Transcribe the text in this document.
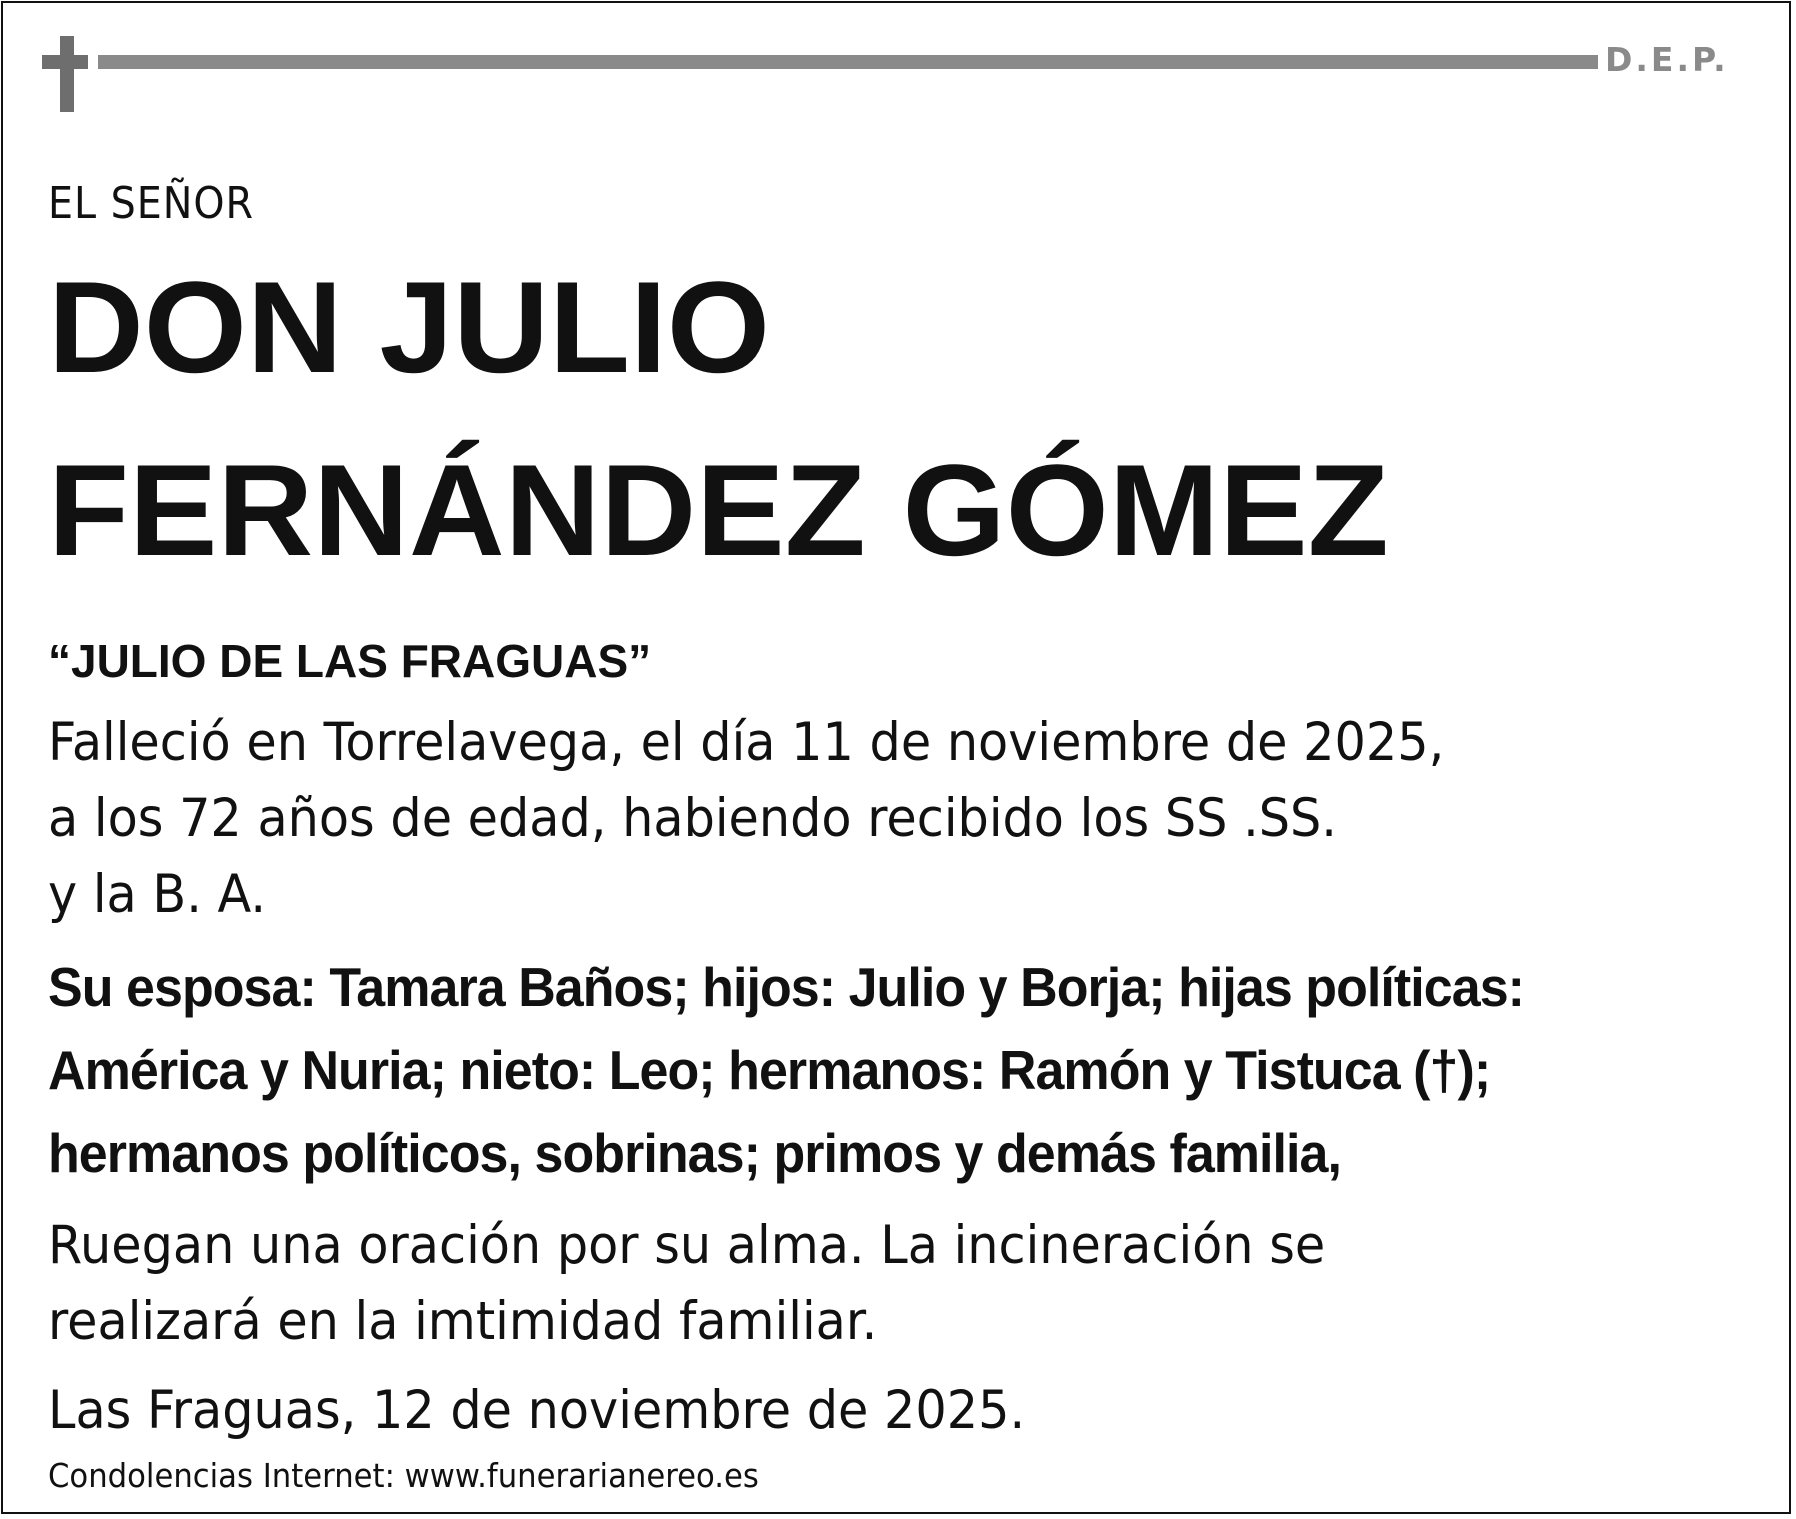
D.E.P.
EL SEÑOR
DON JULIO
FERNÁNDEZ GÓMEZ
“JULIO DE LAS FRAGUAS”
Falleció en Torrelavega, el día 11 de noviembre de 2025,
a los 72 años de edad, habiendo recibido los SS .SS.
y la B. A.
Su esposa: Tamara Baños; hijos: Julio y Borja; hijas políticas:
América y Nuria; nieto: Leo; hermanos: Ramón y Tistuca (†);
hermanos políticos, sobrinas; primos y demás familia,
Ruegan una oración por su alma. La incineración se
realizará en la imtimidad familiar.
Las Fraguas, 12 de noviembre de 2025.
Condolencias Internet: www.funerarianereo.es
